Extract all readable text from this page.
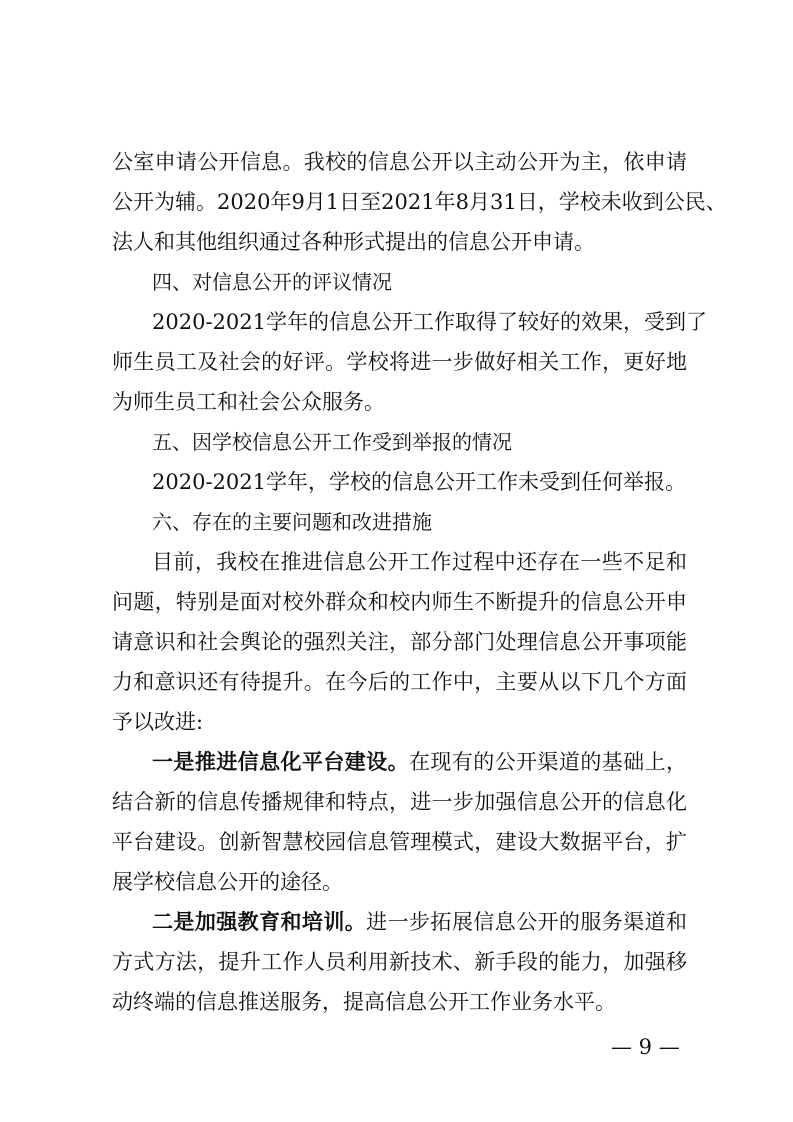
公室申请公开信息。我校的信息公开以主动公开为主，依申请
公开为辅。2020年9月1日至2021年8月31日，学校未收到公民、
法人和其他组织通过各种形式提出的信息公开申请。
四、对信息公开的评议情况
2020-2021学年的信息公开工作取得了较好的效果，受到了
师生员工及社会的好评。学校将进一步做好相关工作，更好地
为师生员工和社会公众服务。
五、因学校信息公开工作受到举报的情况
2020-2021学年，学校的信息公开工作未受到任何举报。
六、存在的主要问题和改进措施
目前，我校在推进信息公开工作过程中还存在一些不足和
问题，特别是面对校外群众和校内师生不断提升的信息公开申
请意识和社会舆论的强烈关注，部分部门处理信息公开事项能
力和意识还有待提升。在今后的工作中，主要从以下几个方面
予以改进:
一是推进信息化平台建设。在现有的公开渠道的基础上，
结合新的信息传播规律和特点，进一步加强信息公开的信息化
平台建设。创新智慧校园信息管理模式，建设大数据平台，扩
展学校信息公开的途径。
二是加强教育和培训。进一步拓展信息公开的服务渠道和
方式方法，提升工作人员利用新技术、新手段的能力，加强移
动终端的信息推送服务，提高信息公开工作业务水平。
— 9 —
